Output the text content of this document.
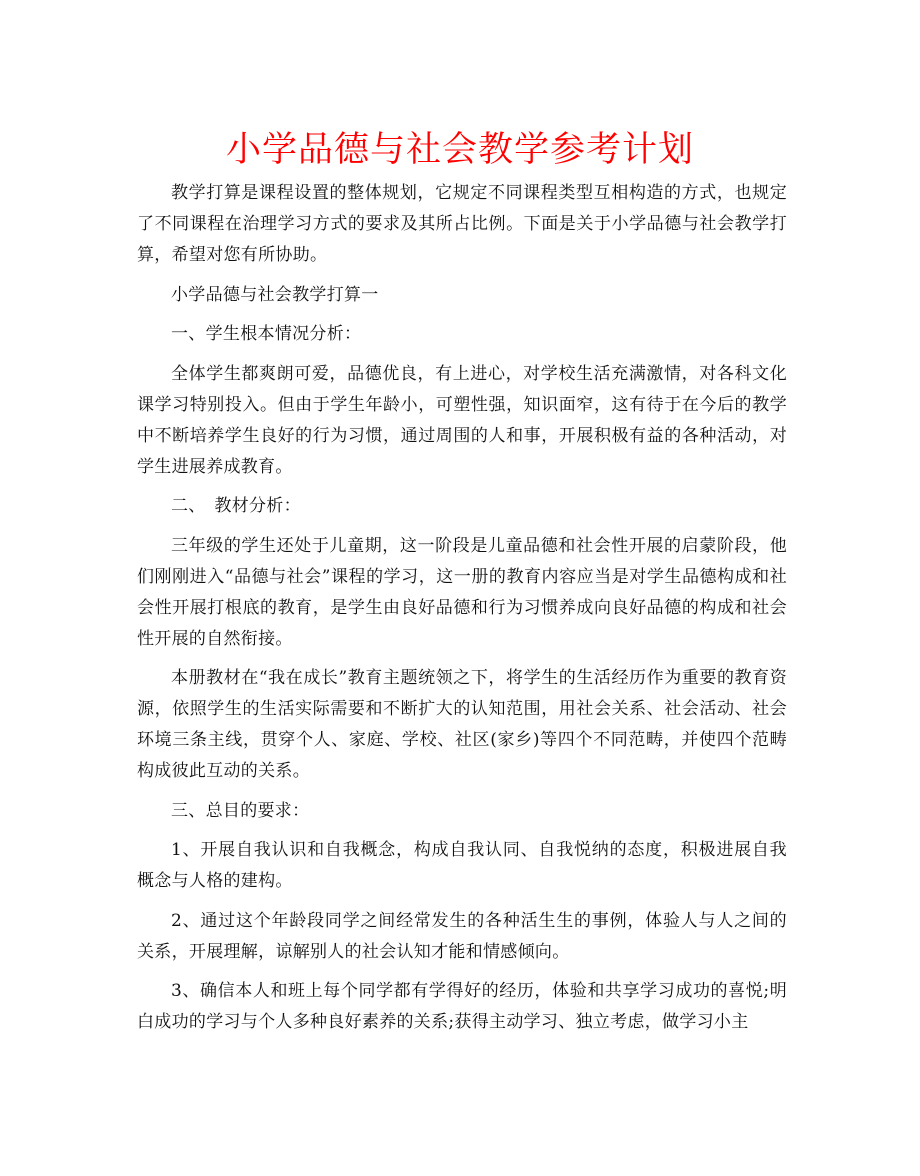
小学品德与社会教学参考计划

教学打算是课程设置的整体规划，它规定不同课程类型互相构造的方式，也规定了不同课程在治理学习方式的要求及其所占比例。下面是关于小学品德与社会教学打算，希望对您有所协助。

小学品德与社会教学打算一

一、学生根本情况分析：

全体学生都爽朗可爱，品德优良，有上进心，对学校生活充满激情，对各科文化课学习特别投入。但由于学生年龄小，可塑性强，知识面窄，这有待于在今后的教学中不断培养学生良好的行为习惯，通过周围的人和事，开展积极有益的各种活动，对学生进展养成教育。

二、　教材分析：

三年级的学生还处于儿童期，这一阶段是儿童品德和社会性开展的启蒙阶段，他们刚刚进入“品德与社会”课程的学习，这一册的教育内容应当是对学生品德构成和社会性开展打根底的教育，是学生由良好品德和行为习惯养成向良好品德的构成和社会性开展的自然衔接。

本册教材在“我在成长”教育主题统领之下，将学生的生活经历作为重要的教育资源，依照学生的生活实际需要和不断扩大的认知范围，用社会关系、社会活动、社会环境三条主线，贯穿个人、家庭、学校、社区(家乡)等四个不同范畴，并使四个范畴构成彼此互动的关系。

三、总目的要求：

1、开展自我认识和自我概念，构成自我认同、自我悦纳的态度，积极进展自我概念与人格的建构。

2、通过这个年龄段同学之间经常发生的各种活生生的事例，体验人与人之间的关系，开展理解，谅解别人的社会认知才能和情感倾向。

3、确信本人和班上每个同学都有学得好的经历，体验和共享学习成功的喜悦;明白成功的学习与个人多种良好素养的关系;获得主动学习、独立考虑，做学习小主
